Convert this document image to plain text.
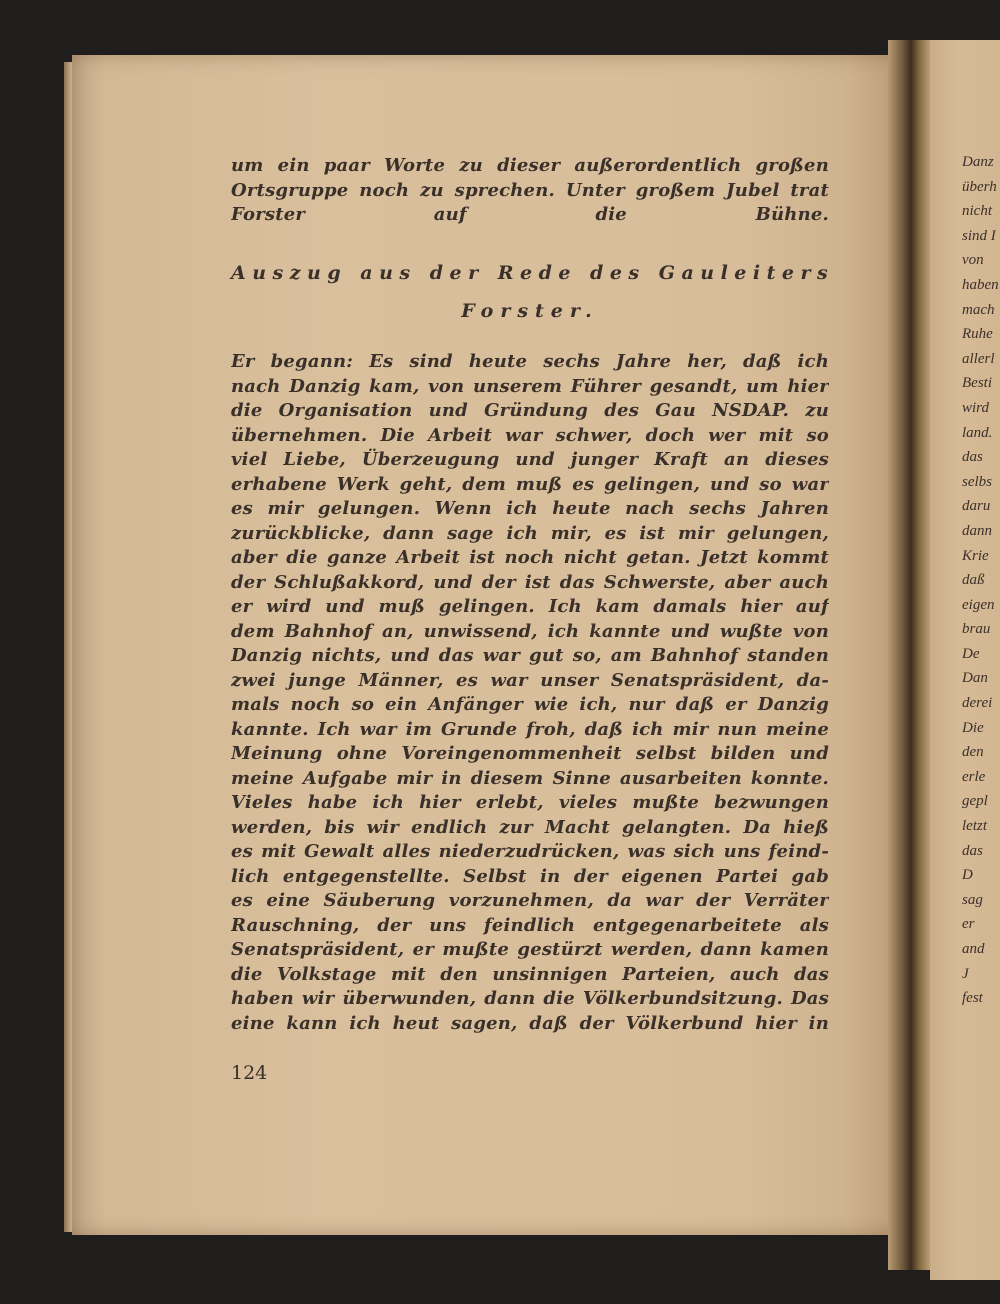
um ein paar Worte zu dieser außerordentlich großen
Ortsgruppe noch zu sprechen. Unter großem Jubel trat
Forster auf die Bühne.
Auszug aus der Rede des Gauleiters
Forster.
Er begann: Es sind heute sechs Jahre her, daß ich
nach Danzig kam, von unserem Führer gesandt, um hier
die Organisation und Gründung des Gau NSDAP. zu
übernehmen. Die Arbeit war schwer, doch wer mit so
viel Liebe, Überzeugung und junger Kraft an dieses
erhabene Werk geht, dem muß es gelingen, und so war
es mir gelungen. Wenn ich heute nach sechs Jahren
zurückblicke, dann sage ich mir, es ist mir gelungen,
aber die ganze Arbeit ist noch nicht getan. Jetzt kommt
der Schlußakkord, und der ist das Schwerste, aber auch
er wird und muß gelingen. Ich kam damals hier auf
dem Bahnhof an, unwissend, ich kannte und wußte von
Danzig nichts, und das war gut so, am Bahnhof standen
zwei junge Männer, es war unser Senatspräsident, da-
mals noch so ein Anfänger wie ich, nur daß er Danzig
kannte. Ich war im Grunde froh, daß ich mir nun meine
Meinung ohne Voreingenommenheit selbst bilden und
meine Aufgabe mir in diesem Sinne ausarbeiten konnte.
Vieles habe ich hier erlebt, vieles mußte bezwungen
werden, bis wir endlich zur Macht gelangten. Da hieß
es mit Gewalt alles niederzudrücken, was sich uns feind-
lich entgegenstellte. Selbst in der eigenen Partei gab
es eine Säuberung vorzunehmen, da war der Verräter
Rauschning, der uns feindlich entgegenarbeitete als
Senatspräsident, er mußte gestürzt werden, dann kamen
die Volkstage mit den unsinnigen Parteien, auch das
haben wir überwunden, dann die Völkerbundsitzung. Das
eine kann ich heut sagen, daß der Völkerbund hier in
124
Danz
überh
nicht
sind I
von
haben
mach
Ruhe
allerl
Besti
wird
land.
das
selbs
daru
dann
Krie
daß
eigen
brau
De
Dan
derei
Die
den
erle
gepl
letzt
das
D
sag
er
and
J
fest
